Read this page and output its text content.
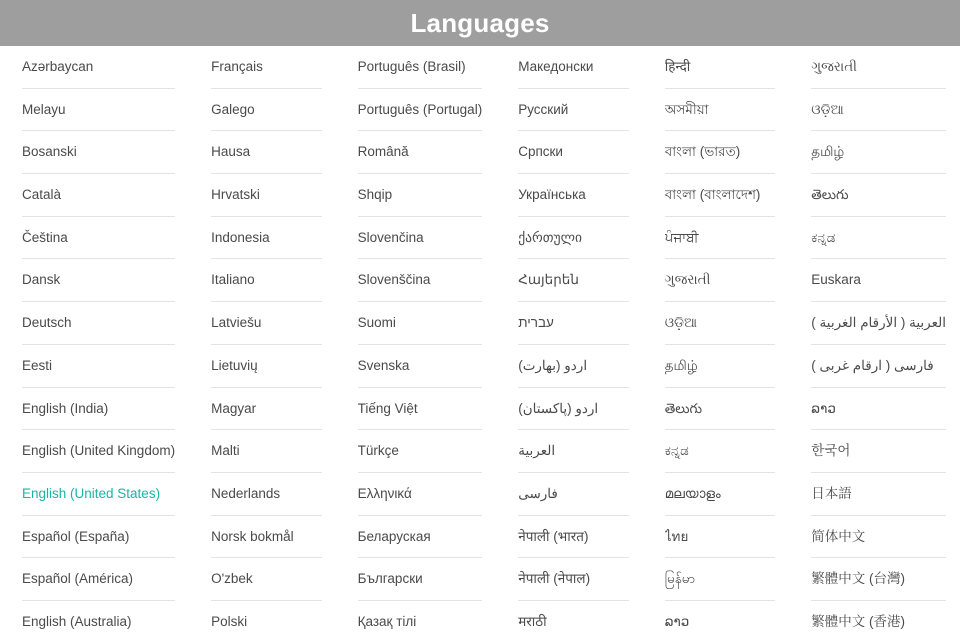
Languages
Azərbaycan
Melayu
Bosanski
Català
Čeština
Dansk
Deutsch
Eesti
English (India)
English (United Kingdom)
English (United States)
Español (España)
Español (América)
English (Australia)
Français
Galego
Hausa
Hrvatski
Indonesia
Italiano
Latviešu
Lietuvių
Magyar
Malti
Nederlands
Norsk bokmål
O'zbek
Polski
Português (Brasil)
Português (Portugal)
Română
Shqip
Slovenčina
Slovenščina
Suomi
Svenska
Tiếng Việt
Türkçe
Ελληνικά
Беларуская
Български
Қазақ тілі
Македонски
Русский
Српски
Українська
ქართული
Հայերեն
עברית
اردو (بھارت)
اردو (پاکستان)
العربية
فارسی
नेपाली (भारत)
नेपाली (नेपाल)
मराठी
हिन्दी
অসমীয়া
বাংলা (ভারত)
বাংলা (বাংলাদেশ)
ਪੰਜਾਬੀ
ગુજરાતી
ଓଡ଼ିଆ
தமிழ்
తెలుగు
ಕನ್ನಡ
മലയാളം
ไทย
မြန်မာ
ລາວ
ગુજરાતી
ଓଡ଼ିଆ
தமிழ்
తెలుగు
ಕನ್ನಡ
Euskara
العربية ( الأرقام الغربية )
فارسی ( ارقام غربی )
ລາວ
한국어
日本語
简体中文
繁體中文 (台灣)
繁體中文 (香港)
